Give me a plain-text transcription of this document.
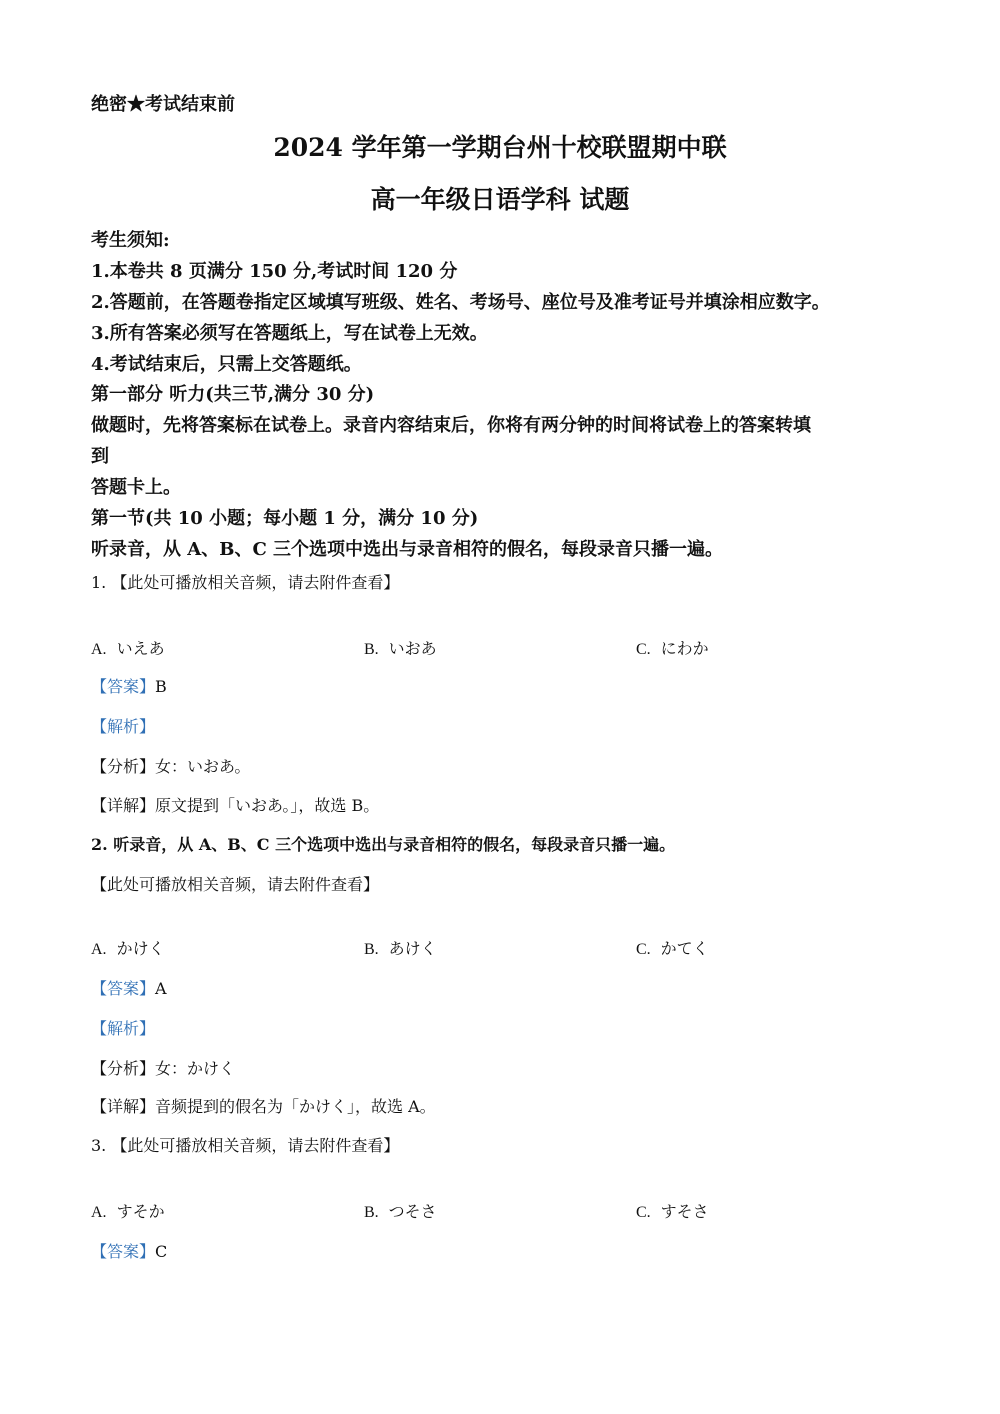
绝密★考试结束前
2024 学年第一学期台州十校联盟期中联
高一年级日语学科 试题
考生须知:
1.本卷共 8 页满分 150 分,考试时间 120 分
2.答题前，在答题卷指定区域填写班级、姓名、考场号、座位号及准考证号并填涂相应数字。
3.所有答案必须写在答题纸上，写在试卷上无效。
4.考试结束后，只需上交答题纸。
第一部分 听力(共三节,满分 30 分)
做题时，先将答案标在试卷上。录音内容结束后，你将有两分钟的时间将试卷上的答案转填
到
答题卡上。
第一节(共 10 小题；每小题 1 分，满分 10 分)
听录音，从 A、B、C 三个选项中选出与录音相符的假名，每段录音只播一遍。
1. 【此处可播放相关音频，请去附件查看】
A. いえあ	B. いおあ	C. にわか
【答案】B
【解析】
【分析】女：いおあ。
【详解】原文提到「いおあ。」，故选 B。
2. 听录音，从 A、B、C 三个选项中选出与录音相符的假名，每段录音只播一遍。
【此处可播放相关音频，请去附件查看】
A. かけく	B. あけく	C. かてく
【答案】A
【解析】
【分析】女：かけく
【详解】音频提到的假名为「かけく」，故选 A。
3. 【此处可播放相关音频，请去附件查看】
A. すそか	B. つそさ	C. すそさ
【答案】C
